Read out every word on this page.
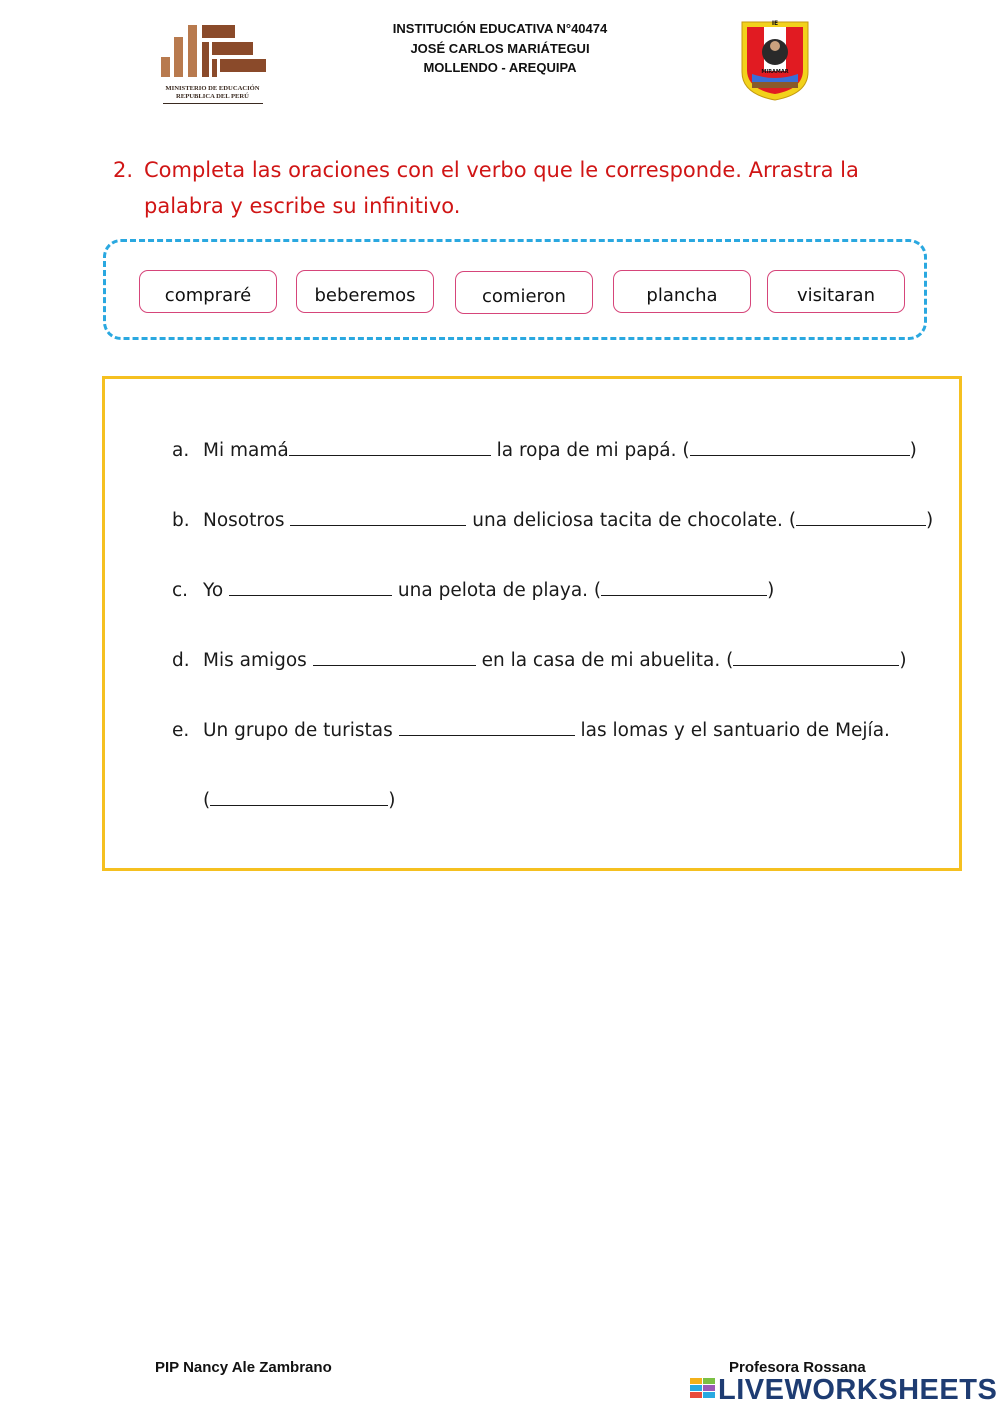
MINISTERIO DE EDUCACIÓN
REPUBLICA DEL PERÚ
INSTITUCIÓN EDUCATIVA N°40474
JOSÉ CARLOS MARIÁTEGUI
MOLLENDO - AREQUIPA
IE
MIRAMAR
2. Completa las oraciones con el verbo que le corresponde. Arrastra la
palabra y escribe su infinitivo.
compraré	beberemos	comieron	plancha	visitaran
a. Mi mamá	la ropa de mi papá. (	)
b. Nosotros	una deliciosa tacita de chocolate. (	)
c. Yo	una pelota de playa. (	)
d. Mis amigos	en la casa de mi abuelita. (	)
e. Un grupo de turistas	las lomas y el santuario de Mejía.
(	)
PIP Nancy Ale Zambrano	Profesora Rossana
LIVEWORKSHEETS
